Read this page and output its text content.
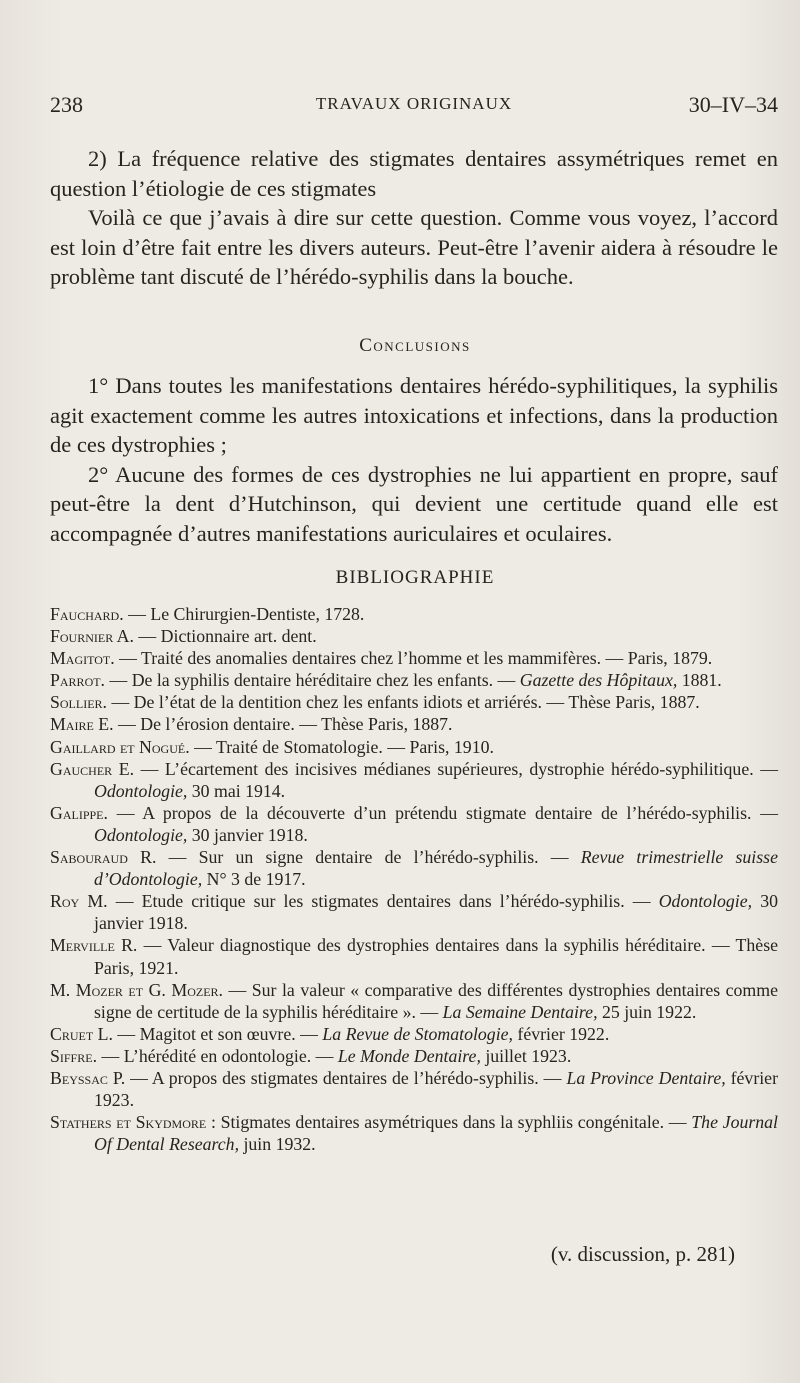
238	TRAVAUX ORIGINAUX	30–IV–34

2) La fréquence relative des stigmates dentaires assymétriques remet en question l’étiologie de ces stigmates

Voilà ce que j’avais à dire sur cette question. Comme vous voyez, l’accord est loin d’être fait entre les divers auteurs. Peut-être l’avenir aidera à résoudre le problème tant discuté de l’hérédo-syphilis dans la bouche.

Conclusions

1° Dans toutes les manifestations dentaires hérédo-syphilitiques, la syphilis agit exactement comme les autres intoxications et infections, dans la production de ces dystrophies ;

2° Aucune des formes de ces dystrophies ne lui appartient en propre, sauf peut-être la dent d’Hutchinson, qui devient une certitude quand elle est accompagnée d’autres manifestations auriculaires et oculaires.

BIBLIOGRAPHIE

Fauchard. — Le Chirurgien-Dentiste, 1728.

Fournier A. — Dictionnaire art. dent.

Magitot. — Traité des anomalies dentaires chez l’homme et les mammifères. — Paris, 1879.

Parrot. — De la syphilis dentaire héréditaire chez les enfants. — Gazette des Hôpitaux, 1881.

Sollier. — De l’état de la dentition chez les enfants idiots et arriérés. — Thèse Paris, 1887.

Maire E. — De l’érosion dentaire. — Thèse Paris, 1887.

Gaillard et Nogué. — Traité de Stomatologie. — Paris, 1910.

Gaucher E. — L’écartement des incisives médianes supérieures, dystrophie hérédo-syphilitique. — Odontologie, 30 mai 1914.

Galippe. — A propos de la découverte d’un prétendu stigmate dentaire de l’hérédo-syphilis. — Odontologie, 30 janvier 1918.

Sabouraud R. — Sur un signe dentaire de l’hérédo-syphilis. — Revue trimestrielle suisse d’Odontologie, N° 3 de 1917.

Roy M. — Etude critique sur les stigmates dentaires dans l’hérédo-syphilis. — Odontologie, 30 janvier 1918.

Merville R. — Valeur diagnostique des dystrophies dentaires dans la syphilis héréditaire. — Thèse Paris, 1921.

M. Mozer et G. Mozer. — Sur la valeur « comparative des différentes dystrophies dentaires comme signe de certitude de la syphilis héréditaire ». — La Semaine Dentaire, 25 juin 1922.

Cruet L. — Magitot et son œuvre. — La Revue de Stomatologie, février 1922.

Siffre. — L’hérédité en odontologie. — Le Monde Dentaire, juillet 1923.

Beyssac P. — A propos des stigmates dentaires de l’hérédo-syphilis. — La Province Dentaire, février 1923.

Stathers et Skydmore : Stigmates dentaires asymétriques dans la syphliis congénitale. — The Journal Of Dental Research, juin 1932.

(v. discussion, p. 281)
